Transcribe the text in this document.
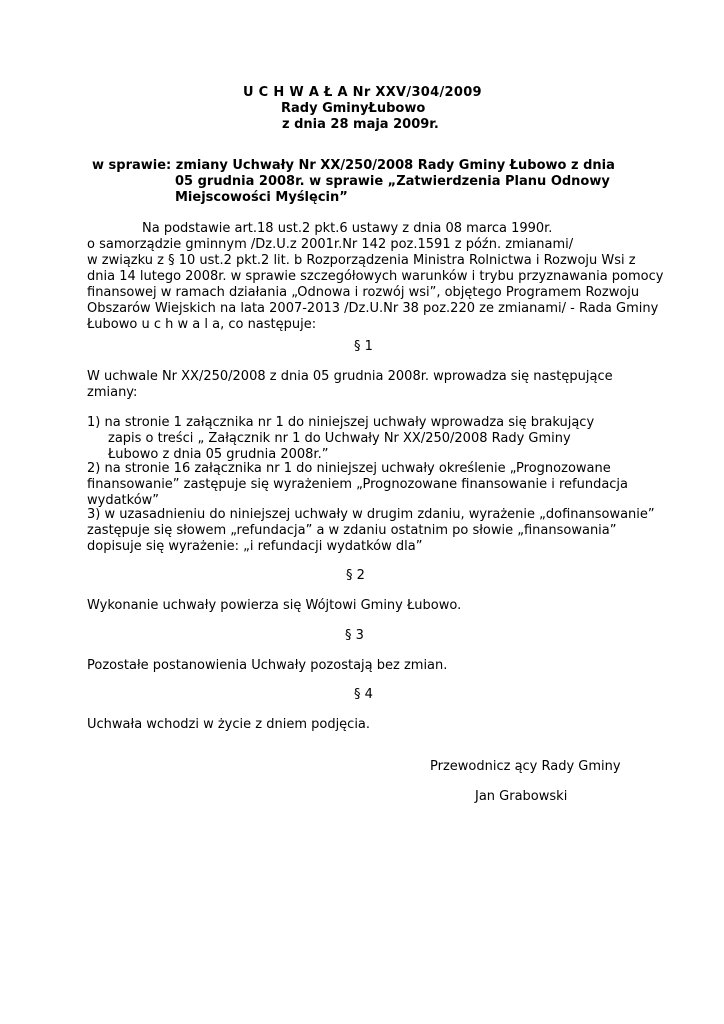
U C H W A Ł A Nr XXV/304/2009
Rady GminyŁubowo
z dnia 28 maja 2009r.
w sprawie: zmiany Uchwały Nr XX/250/2008 Rady Gminy Łubowo z dnia
05 grudnia 2008r. w sprawie „Zatwierdzenia Planu Odnowy
Miejscowości Myślęcin”
Na podstawie art.18 ust.2 pkt.6 ustawy z dnia 08 marca 1990r.
o samorządzie gminnym /Dz.U.z 2001r.Nr 142 poz.1591 z późn. zmianami/
w związku z § 10 ust.2 pkt.2 lit. b Rozporządzenia Ministra Rolnictwa i Rozwoju Wsi z
dnia 14 lutego 2008r. w sprawie szczegółowych warunków i trybu przyznawania pomocy
finansowej w ramach działania „Odnowa i rozwój wsi”, objętego Programem Rozwoju
Obszarów Wiejskich na lata 2007-2013 /Dz.U.Nr 38 poz.220 ze zmianami/ - Rada Gminy
Łubowo u c h w a l a, co następuje:
§ 1
W uchwale Nr XX/250/2008 z dnia 05 grudnia 2008r. wprowadza się następujące
zmiany:
1) na stronie 1 załącznika nr 1 do niniejszej uchwały wprowadza się brakujący
zapis o treści „ Załącznik nr 1 do Uchwały Nr XX/250/2008 Rady Gminy
Łubowo z dnia 05 grudnia 2008r.”
2) na stronie 16 załącznika nr 1 do niniejszej uchwały określenie „Prognozowane
finansowanie” zastępuje się wyrażeniem „Prognozowane finansowanie i refundacja
wydatków”
3) w uzasadnieniu do niniejszej uchwały w drugim zdaniu, wyrażenie „dofinansowanie”
zastępuje się słowem „refundacja” a w zdaniu ostatnim po słowie „finansowania”
dopisuje się wyrażenie: „i refundacji wydatków dla”
§ 2
Wykonanie uchwały powierza się Wójtowi Gminy Łubowo.
§ 3
Pozostałe postanowienia Uchwały pozostają bez zmian.
§ 4
Uchwała wchodzi w życie z dniem podjęcia.
Przewodnicz ący Rady Gminy
Jan Grabowski
